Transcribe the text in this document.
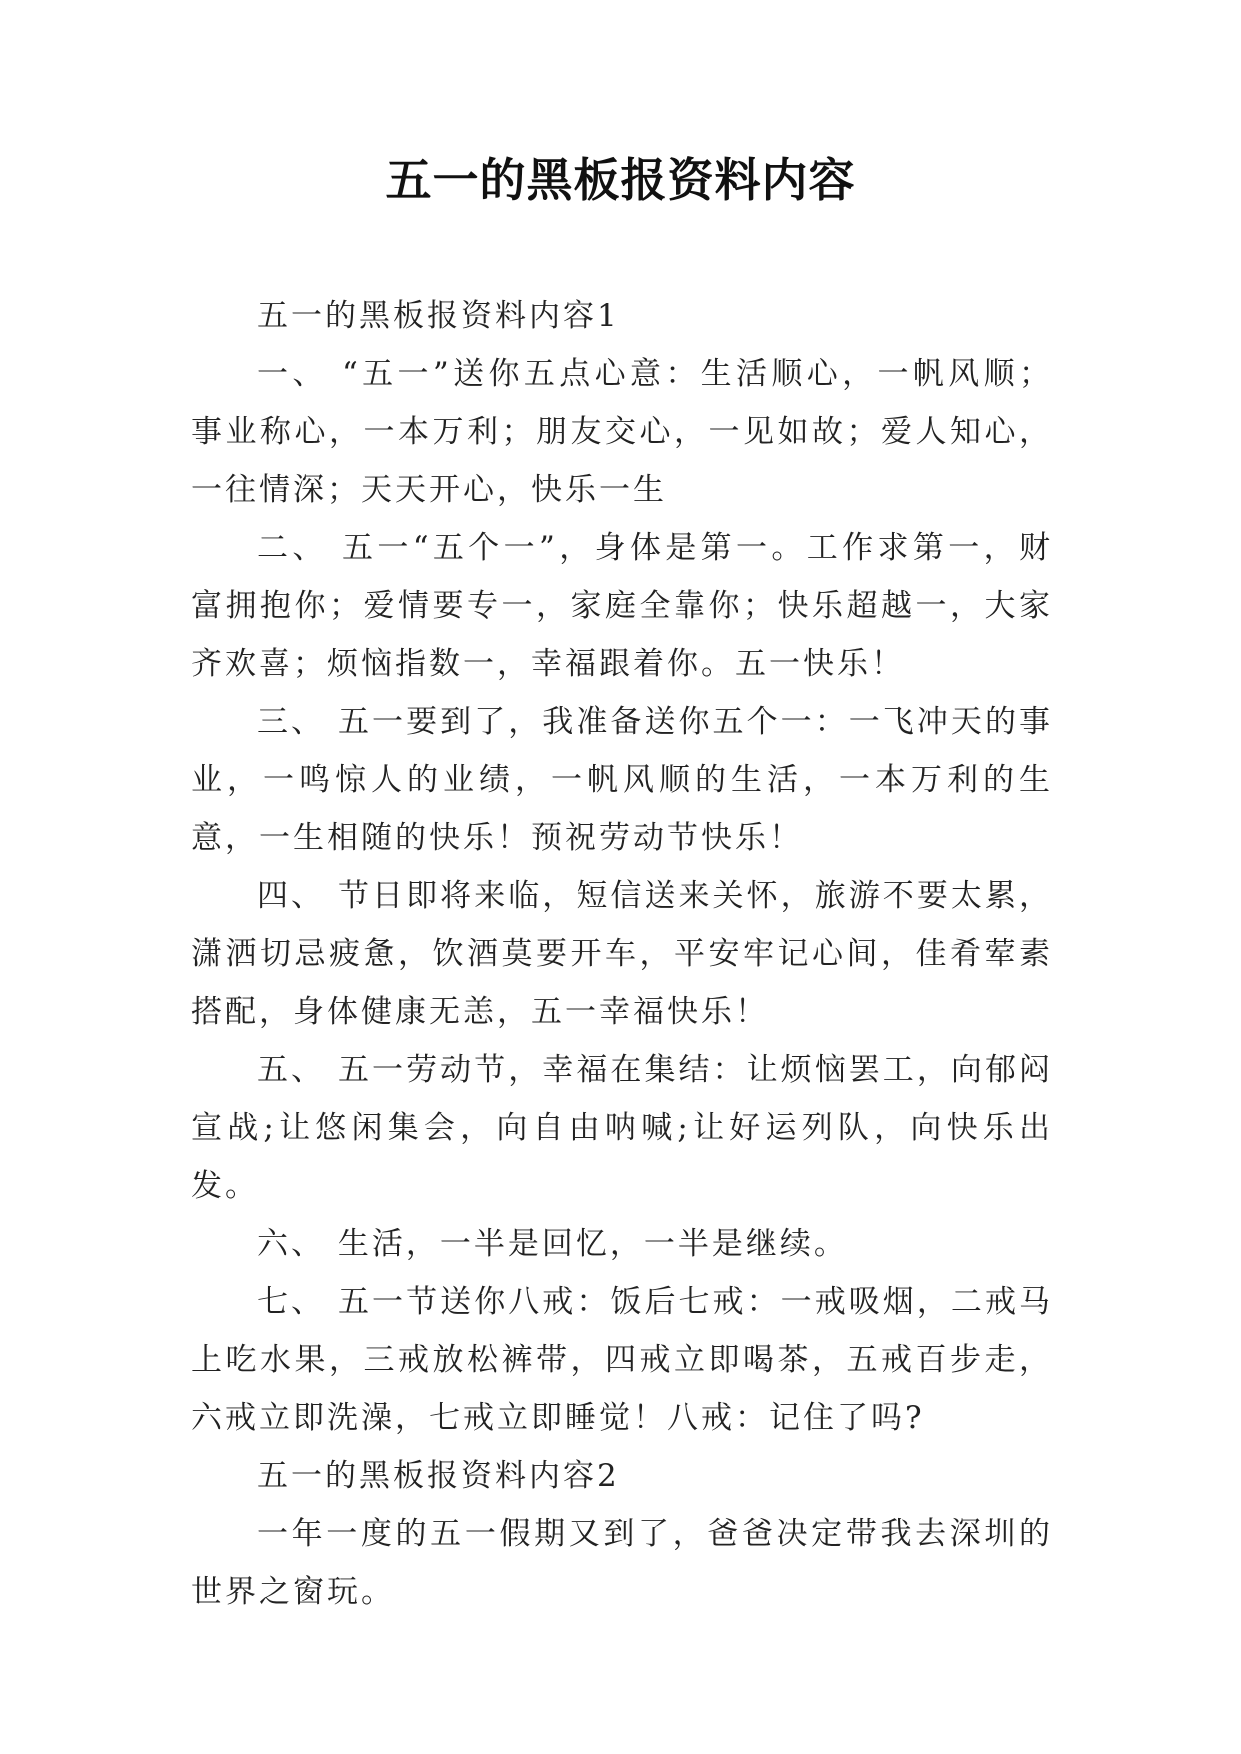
五一的黑板报资料内容

五一的黑板报资料内容1

一、 “五一”送你五点心意：生活顺心，一帆风顺；事业称心，一本万利；朋友交心，一见如故；爱人知心，一往情深；天天开心，快乐一生

二、 五一“五个一”，身体是第一。工作求第一，财富拥抱你；爱情要专一，家庭全靠你；快乐超越一，大家齐欢喜；烦恼指数一，幸福跟着你。五一快乐！

三、 五一要到了，我准备送你五个一：一飞冲天的事业，一鸣惊人的业绩，一帆风顺的生活，一本万利的生意，一生相随的快乐！预祝劳动节快乐！

四、 节日即将来临，短信送来关怀，旅游不要太累，潇洒切忌疲惫，饮酒莫要开车，平安牢记心间，佳肴荤素搭配，身体健康无恙，五一幸福快乐！

五、 五一劳动节，幸福在集结：让烦恼罢工，向郁闷宣战;让悠闲集会，向自由呐喊;让好运列队，向快乐出发。

六、 生活，一半是回忆，一半是继续。

七、 五一节送你八戒：饭后七戒：一戒吸烟，二戒马上吃水果，三戒放松裤带，四戒立即喝茶，五戒百步走，六戒立即洗澡，七戒立即睡觉！八戒：记住了吗?

五一的黑板报资料内容2

一年一度的五一假期又到了，爸爸决定带我去深圳的世界之窗玩。
